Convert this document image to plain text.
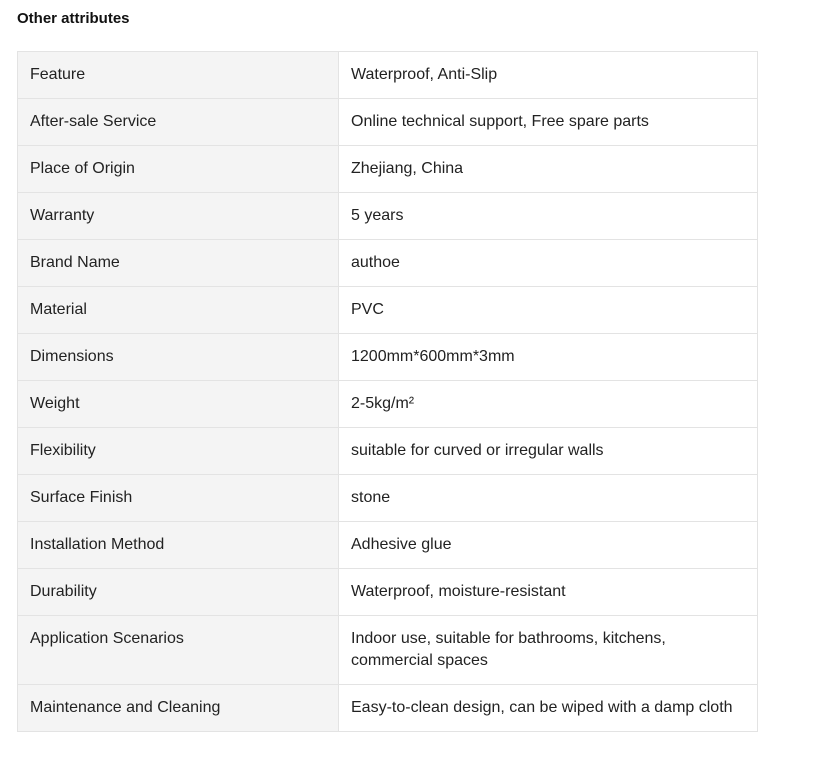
Other attributes
Feature	Waterproof, Anti-Slip
After-sale Service	Online technical support, Free spare parts
Place of Origin	Zhejiang, China
Warranty	5 years
Brand Name	authoe
Material	PVC
Dimensions	1200mm*600mm*3mm
Weight	2-5kg/m²
Flexibility	suitable for curved or irregular walls
Surface Finish	stone
Installation Method	Adhesive glue
Durability	Waterproof, moisture-resistant
Application Scenarios	Indoor use, suitable for bathrooms, kitchens, commercial spaces
Maintenance and Cleaning	Easy-to-clean design, can be wiped with a damp cloth
